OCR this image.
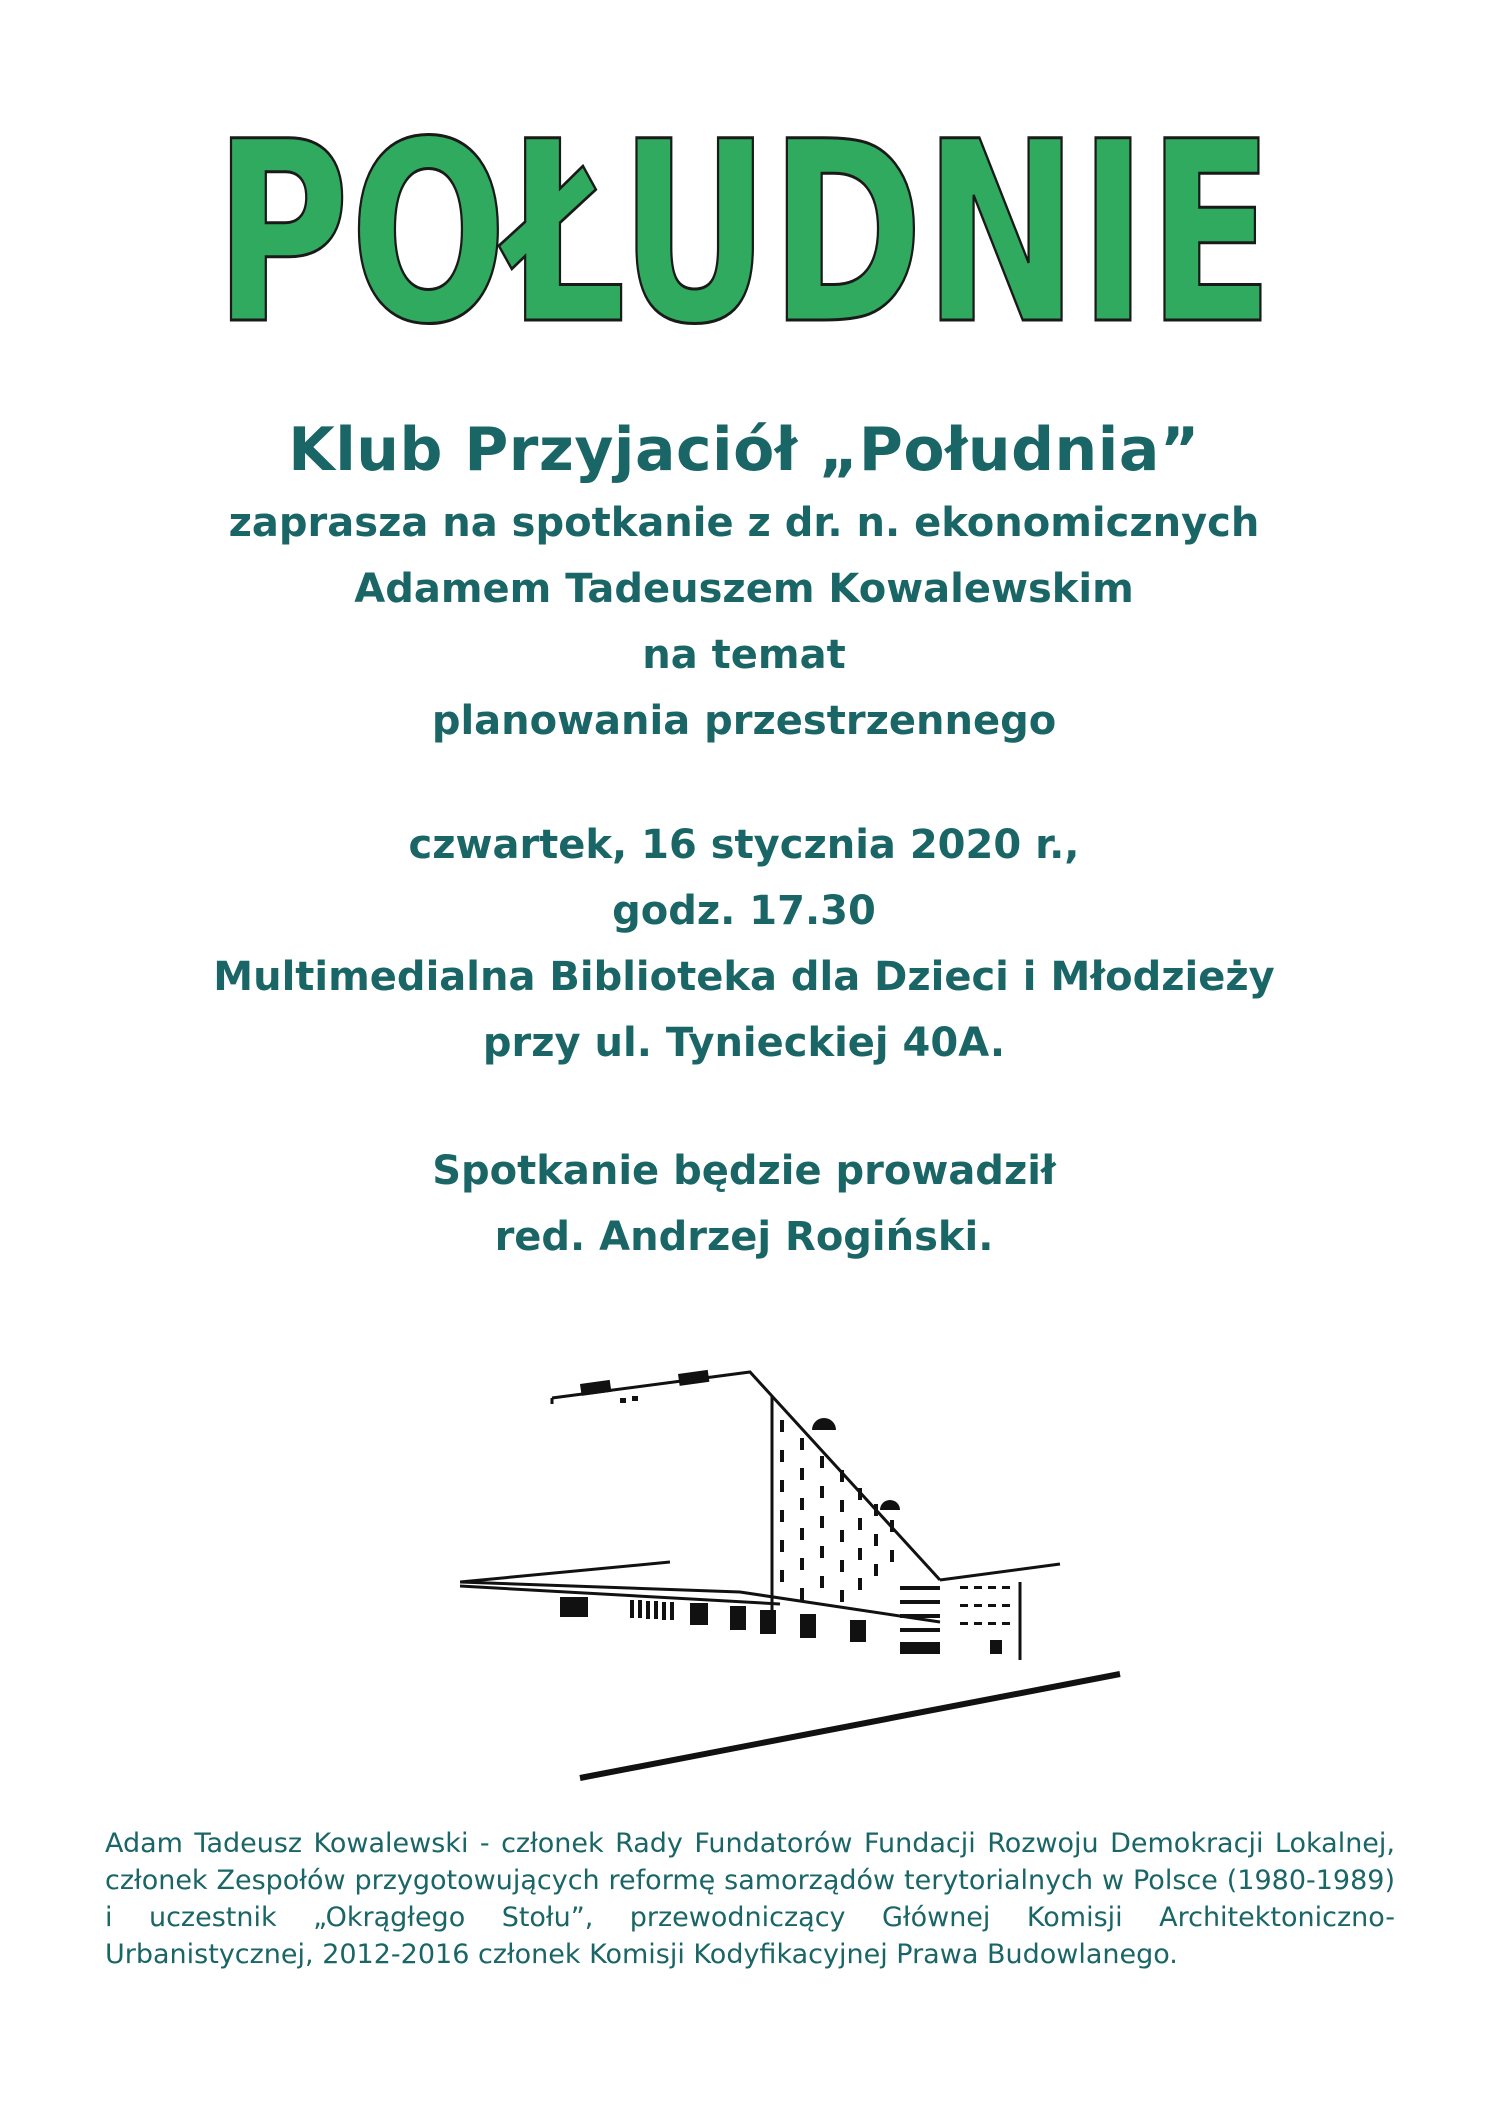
POŁUDNIE

Klub Przyjaciół „Południa”

zaprasza na spotkanie z dr. n. ekonomicznych

Adamem Tadeuszem Kowalewskim

na temat

planowania przestrzennego

czwartek, 16 stycznia 2020 r.,

godz. 17.30

Multimedialna Biblioteka dla Dzieci i Młodzieży

przy ul. Tynieckiej 40A.

Spotkanie będzie prowadził

red. Andrzej Rogiński.

Adam Tadeusz Kowalewski - członek Rady Fundatorów Fundacji Rozwoju Demokracji Lokalnej, członek Zespołów przygotowujących reformę samorządów terytorialnych w Polsce (1980-1989) i uczestnik „Okrągłego Stołu”, przewodniczący Głównej Komisji Architektoniczno-Urbanistycznej, 2012-2016 członek Komisji Kodyfikacyjnej Prawa Budowlanego.
